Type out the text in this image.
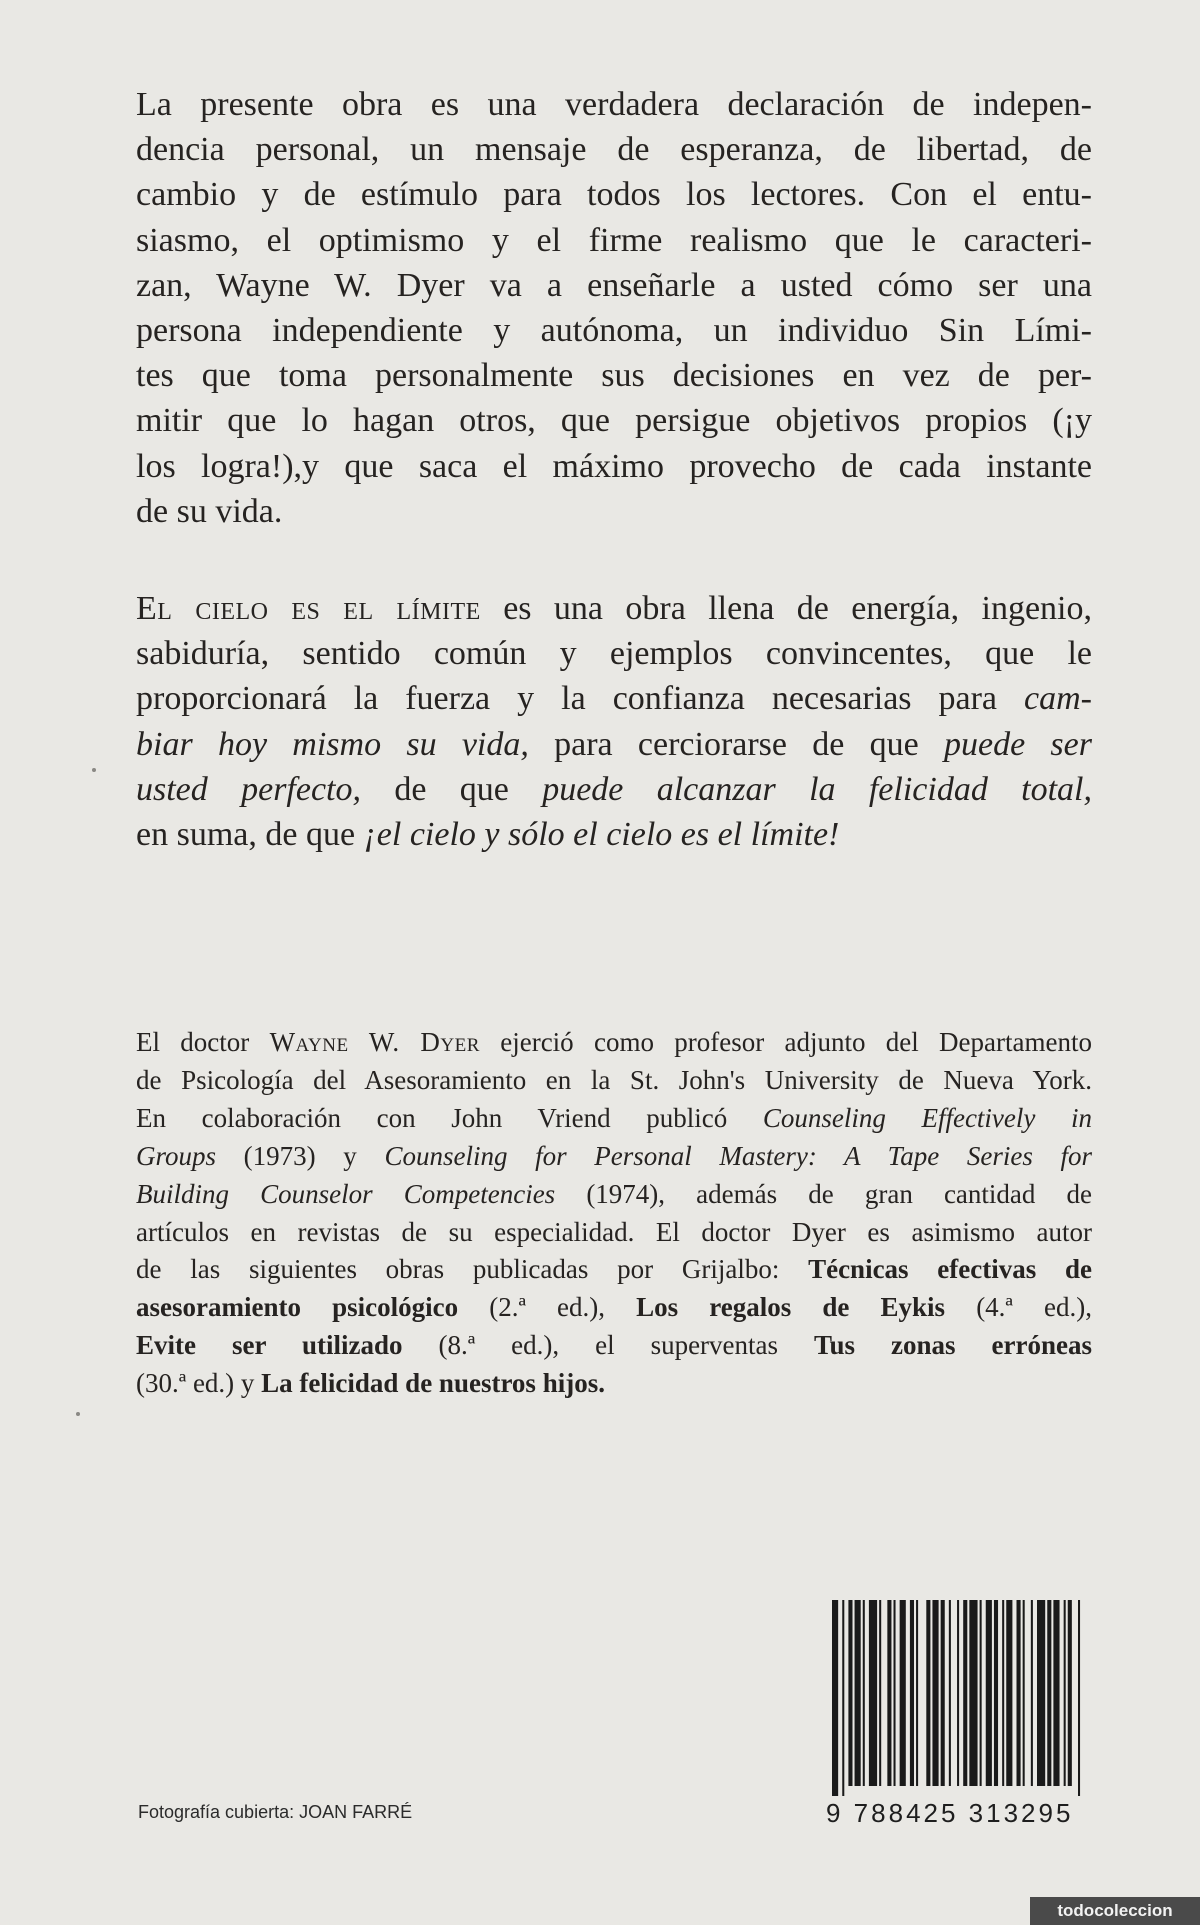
La presente obra es una verdadera declaración de indepen-
dencia personal, un mensaje de esperanza, de libertad, de
cambio y de estímulo para todos los lectores. Con el entu-
siasmo, el optimismo y el firme realismo que le caracteri-
zan, Wayne W. Dyer va a enseñarle a usted cómo ser una
persona independiente y autónoma, un individuo Sin Lími-
tes que toma personalmente sus decisiones en vez de per-
mitir que lo hagan otros, que persigue objetivos propios (¡y
los logra!),y que saca el máximo provecho de cada instante
de su vida.
El cielo es el límite es una obra llena de energía, ingenio,
sabiduría, sentido común y ejemplos convincentes, que le
proporcionará la fuerza y la confianza necesarias para cam-
biar hoy mismo su vida, para cerciorarse de que puede ser
usted perfecto, de que puede alcanzar la felicidad total,
en suma, de que ¡el cielo y sólo el cielo es el límite!
El doctor Wayne W. Dyer ejerció como profesor adjunto del Departamento
de Psicología del Asesoramiento en la St. John's University de Nueva York.
En colaboración con John Vriend publicó Counseling Effectively in
Groups (1973) y Counseling for Personal Mastery: A Tape Series for
Building Counselor Competencies (1974), además de gran cantidad de
artículos en revistas de su especialidad. El doctor Dyer es asimismo autor
de las siguientes obras publicadas por Grijalbo: Técnicas efectivas de
asesoramiento psicológico (2.ª ed.), Los regalos de Eykis (4.ª ed.),
Evite ser utilizado (8.ª ed.), el superventas Tus zonas erróneas
(30.ª ed.) y La felicidad de nuestros hijos.
Fotografía cubierta: JOAN FARRÉ	9 788425 313295
todocoleccion
